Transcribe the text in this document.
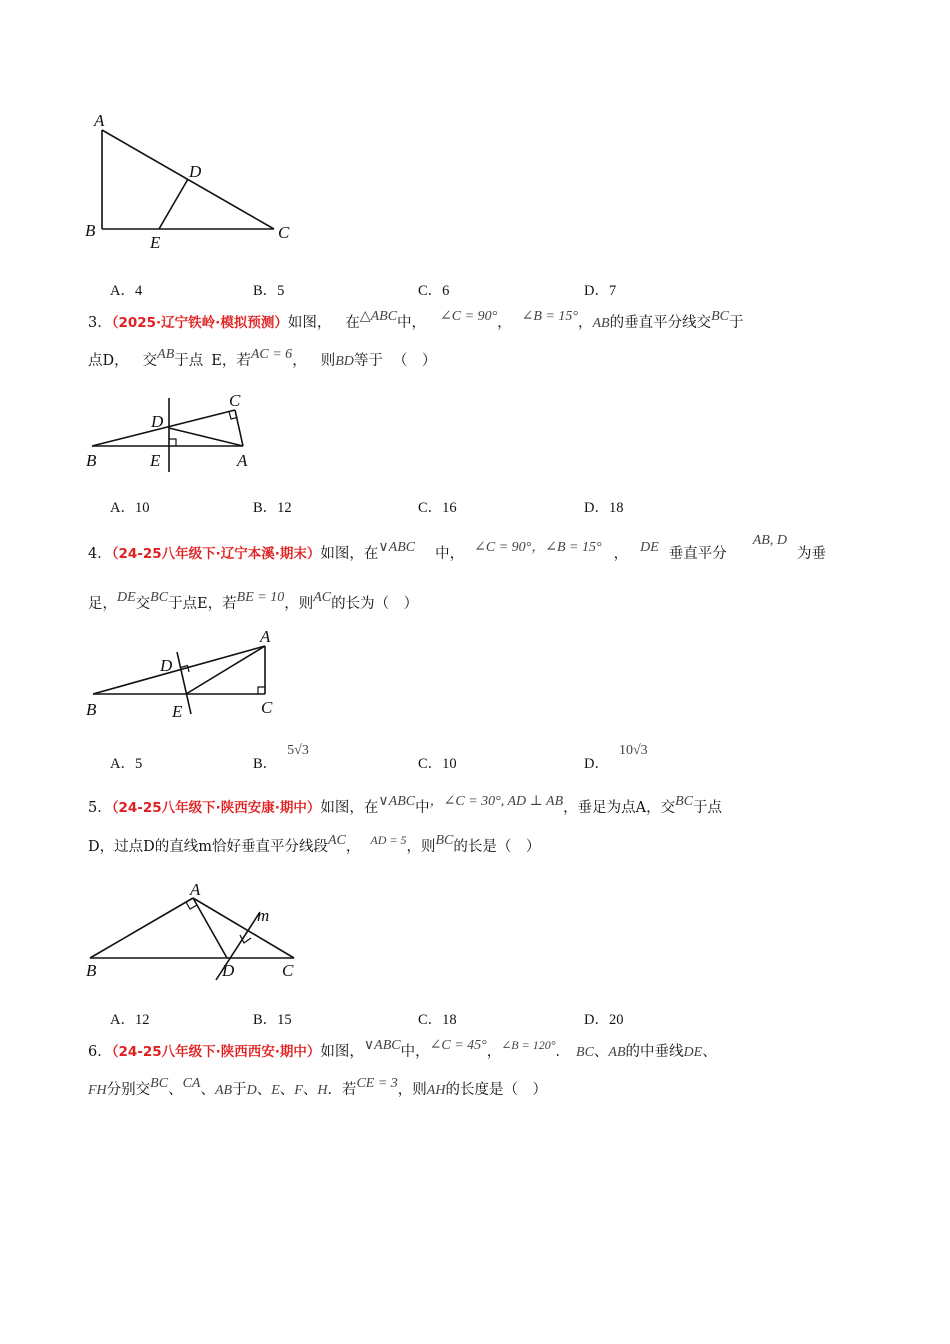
A
B	C
D
E
A．4	B．5	C．6	D．7
3．（2025·辽宁铁岭·模拟预测）如图， 在△ABC中， ∠C = 90°， ∠B = 15°，AB的垂直平分线交BC于
点D， 交AB于点 E，若AC = 6， 则BD等于 （　）
B	E	A
D
C
A．10	B．12	C．16	D．18
4．（24-25八年级下·辽宁本溪·期末）如图，在∨ABC 中， ∠C = 90°，∠B = 15° ， DE 垂直平分AB, D为垂
足，DE交BC于点E，若BE = 10，则AC的长为（　）
A
D
B	E	C
A．5	B．5√3
C．10	D．10√3
5．（24-25八年级下·陕西安康·期中）如图，在∨ABC中，∠C = 30°, AD ⊥ AB，垂足为点A，交BC于点
D，过点D的直线m恰好垂直平分线段AC， $^{AD = 5}$，则BC的长是（　）
A
m
B	D	C
A．12	B．15	C．18	D．20
6．（24-25八年级下·陕西西安·期中）如图，∨ABC中，∠C = 45°，$^{\angle B = 120^\circ}$． BC、AB的中垂线DE、
FH分别交BC、CA、AB于D、E、F、H．若CE = 3，则AH的长度是（　）
